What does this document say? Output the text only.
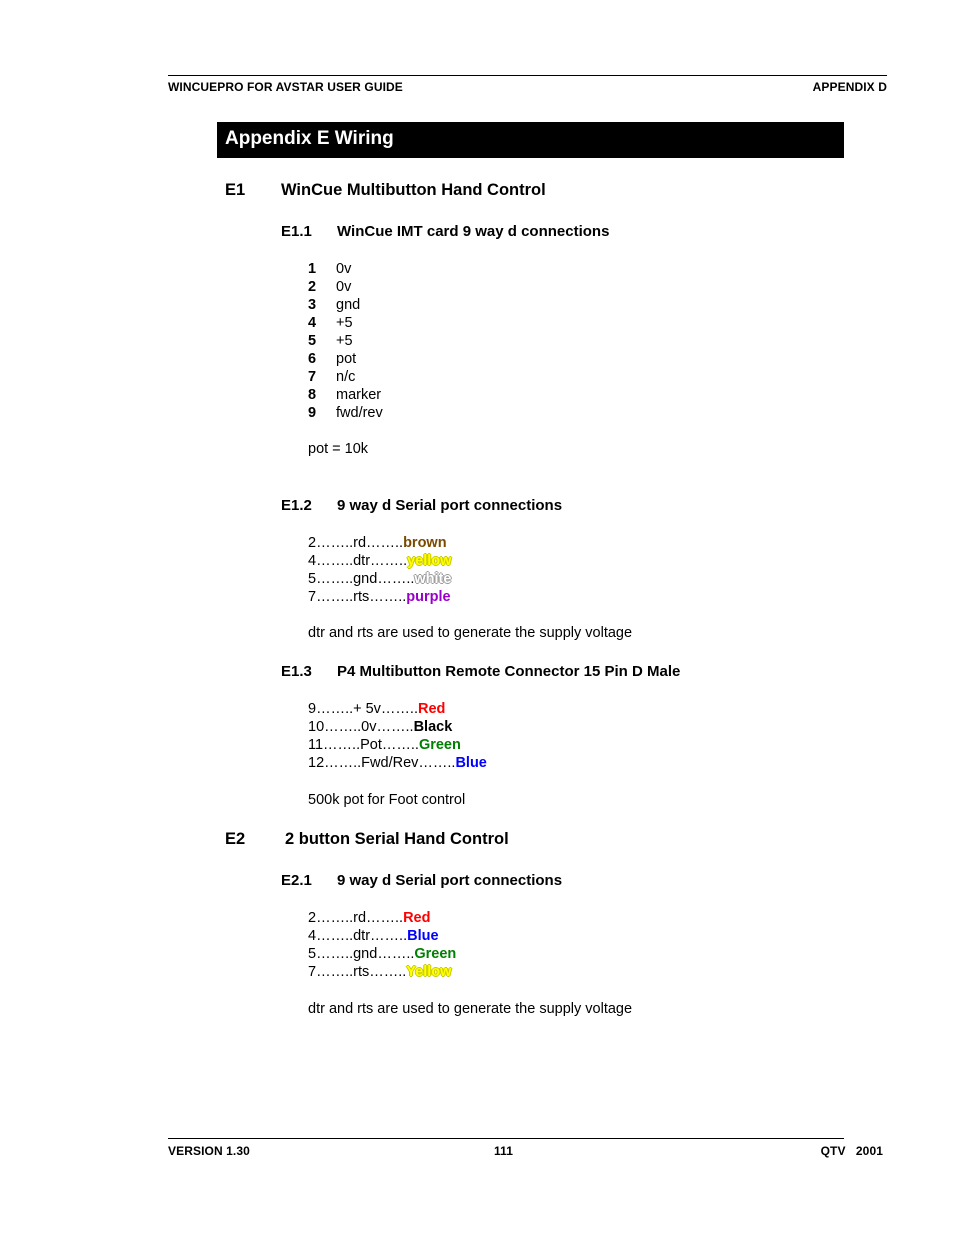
WINCUEPRO FOR AVSTAR USER GUIDE	APPENDIX D
Appendix E Wiring
E1 WinCue Multibutton Hand Control
E1.1 WinCue IMT card 9 way d connections
1 0v
2 0v
3 gnd
4 +5
5 +5
6 pot
7 n/c
8 marker
9 fwd/rev
pot = 10k
E1.2 9 way d Serial port connections
2……..rd……..brown
4……..dtr……..yellow
5……..gnd……..white
7……..rts……..purple
dtr and rts are used to generate the supply voltage
E1.3 P4 Multibutton Remote Connector 15 Pin D Male
9……..+ 5v……..Red
10……..0v……..Black
11……..Pot……..Green
12……..Fwd/Rev……..Blue
500k pot for Foot control
E2 2 button Serial Hand Control
E2.1 9 way d Serial port connections
2……..rd……..Red
4……..dtr……..Blue
5……..gnd……..Green
7……..rts……..Yellow
dtr and rts are used to generate the supply voltage
VERSION 1.30	111	QTV   2001
